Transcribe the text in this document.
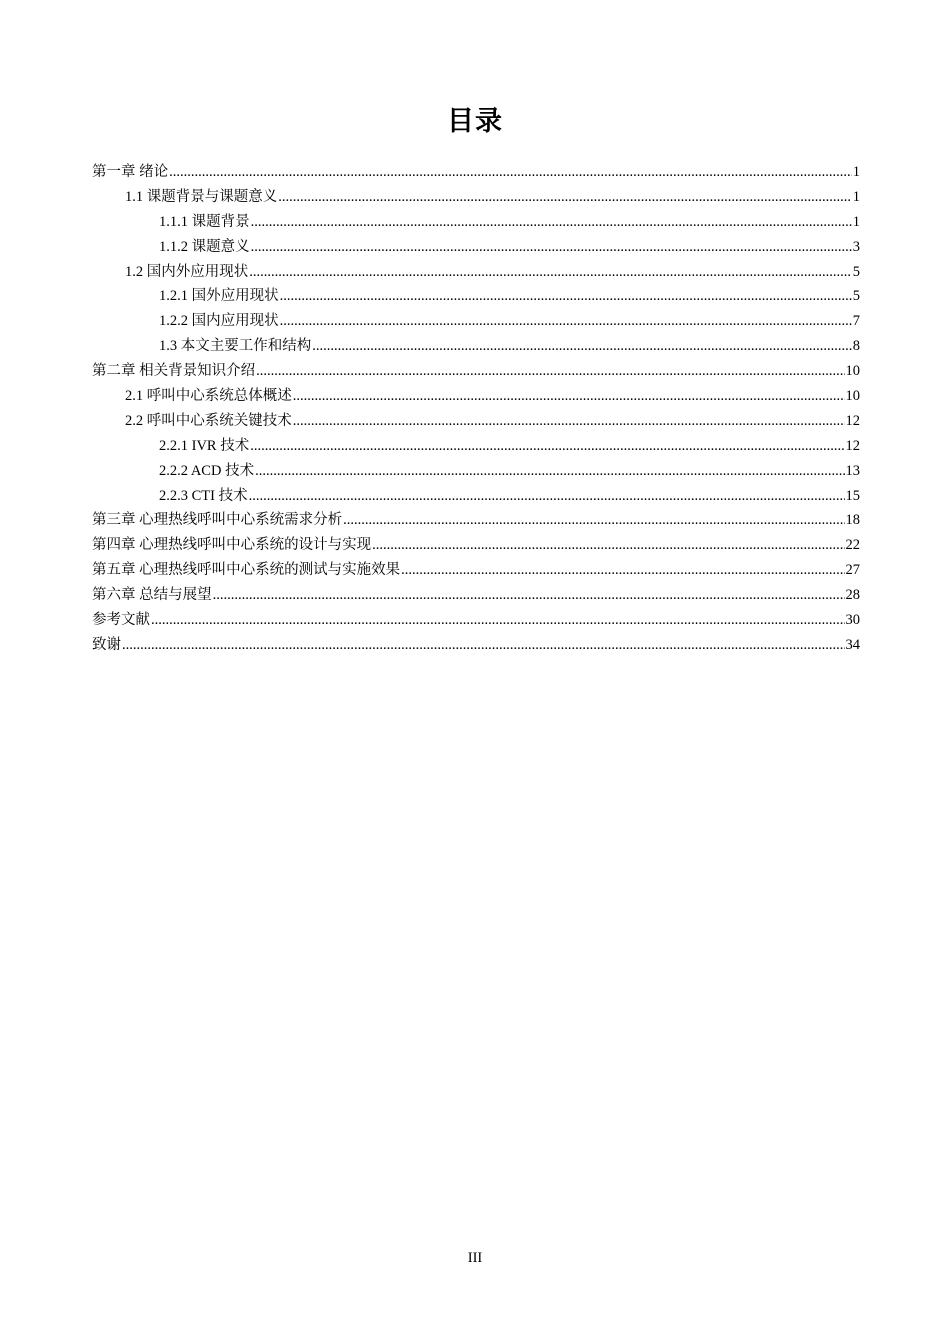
目录
第一章 绪论 .....	1
1.1 课题背景与课题意义 .....	1
1.1.1 课题背景 .....	1
1.1.2 课题意义 .....	3
1.2 国内外应用现状 .....	5
1.2.1 国外应用现状 .....	5
1.2.2 国内应用现状 .....	7
1.3 本文主要工作和结构 .....	8
第二章 相关背景知识介绍 .....	10
2.1 呼叫中心系统总体概述 .....	10
2.2 呼叫中心系统关键技术 .....	12
2.2.1 IVR 技术 .....	12
2.2.2 ACD 技术 .....	13
2.2.3 CTI 技术 .....	15
第三章 心理热线呼叫中心系统需求分析 .....	18
第四章 心理热线呼叫中心系统的设计与实现 .....	22
第五章 心理热线呼叫中心系统的测试与实施效果 .....	27
第六章 总结与展望 .....	28
参考文献 .....	30
致谢 .....	34
III
